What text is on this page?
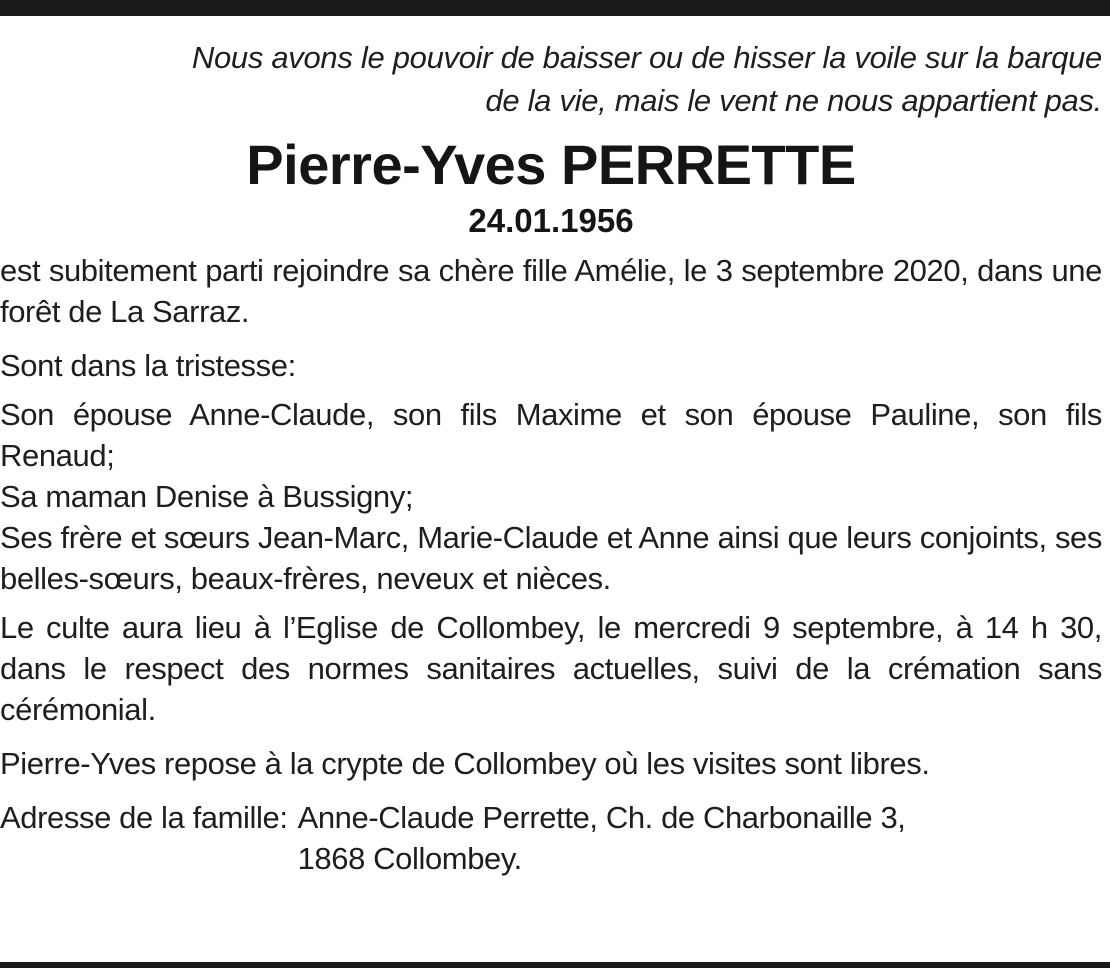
Nous avons le pouvoir de baisser ou de hisser la voile sur la barque
de la vie, mais le vent ne nous appartient pas.

Pierre-Yves PERRETTE
24.01.1956

est subitement parti rejoindre sa chère fille Amélie, le 3 septembre 2020, dans une forêt de La Sarraz.

Sont dans la tristesse:

Son épouse Anne-Claude, son fils Maxime et son épouse Pauline, son fils Renaud;

Sa maman Denise à Bussigny;

Ses frère et sœurs Jean-Marc, Marie-Claude et Anne ainsi que leurs conjoints, ses belles-sœurs, beaux-frères, neveux et nièces.

Le culte aura lieu à l’Eglise de Collombey, le mercredi 9 septembre, à 14 h 30, dans le respect des normes sanitaires actuelles, suivi de la crémation sans cérémonial.

Pierre-Yves repose à la crypte de Collombey où les visites sont libres.

Adresse de la famille: Anne-Claude Perrette, Ch. de Charbonaille 3,
1868 Collombey.
